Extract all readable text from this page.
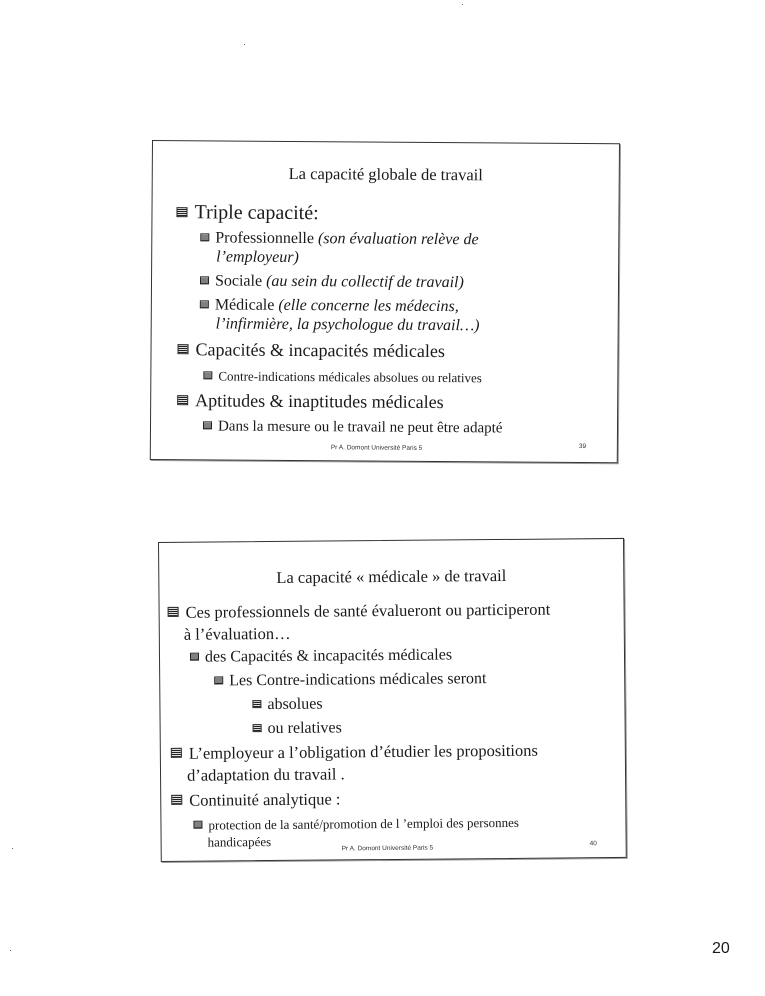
La capacité globale de travail
Triple capacité:
Professionnelle (son évaluation relève de
l’employeur)
Sociale (au sein du collectif de travail)
Médicale (elle concerne les médecins,
l’infirmière, la psychologue du travail…)
Capacités & incapacités médicales
Contre-indications médicales absolues ou relatives
Aptitudes & inaptitudes médicales
Dans la mesure ou le travail ne peut être adapté
Pr A. Domont Université Paris 5	39
La capacité « médicale » de travail
Ces professionnels de santé évalueront ou participeront
à l’évaluation…
des Capacités & incapacités médicales
Les Contre-indications médicales seront
absolues
ou relatives
L’employeur a l’obligation d’étudier les propositions
d’adaptation du travail .
Continuité analytique :
protection de la santé/promotion de l ’emploi des personnes
handicapées	Pr A. Domont Université Paris 5
40
20
